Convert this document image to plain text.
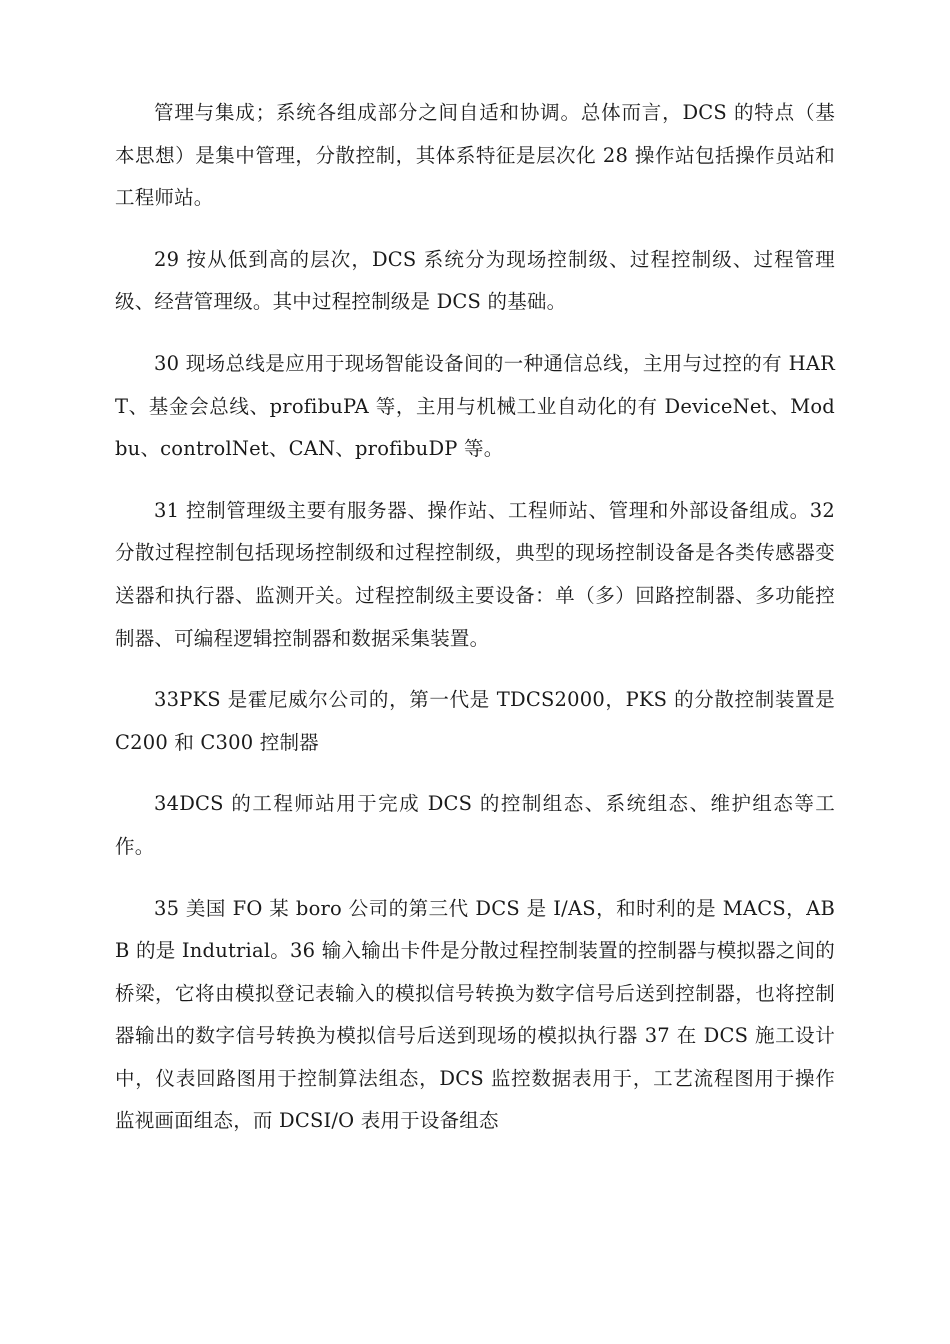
管理与集成；系统各组成部分之间自适和协调。总体而言，DCS 的特点（基本思想）是集中管理，分散控制，其体系特征是层次化 28 操作站包括操作员站和工程师站。

29 按从低到高的层次，DCS 系统分为现场控制级、过程控制级、过程管理级、经营管理级。其中过程控制级是 DCS 的基础。

30 现场总线是应用于现场智能设备间的一种通信总线，主用与过控的有 HART、基金会总线、profibuPA 等，主用与机械工业自动化的有 DeviceNet、Modbu、controlNet、CAN、profibuDP 等。

31 控制管理级主要有服务器、操作站、工程师站、管理和外部设备组成。32 分散过程控制包括现场控制级和过程控制级，典型的现场控制设备是各类传感器变送器和执行器、监测开关。过程控制级主要设备：单（多）回路控制器、多功能控制器、可编程逻辑控制器和数据采集装置。

33PKS 是霍尼威尔公司的，第一代是 TDCS2000，PKS 的分散控制装置是 C200 和 C300 控制器

34DCS 的工程师站用于完成 DCS 的控制组态、系统组态、维护组态等工作。

35 美国 FO 某 boro 公司的第三代 DCS 是 I/AS，和时利的是 MACS，ABB 的是 Indutrial。36 输入输出卡件是分散过程控制装置的控制器与模拟器之间的桥梁，它将由模拟登记表输入的模拟信号转换为数字信号后送到控制器，也将控制器输出的数字信号转换为模拟信号后送到现场的模拟执行器 37 在 DCS 施工设计中，仪表回路图用于控制算法组态，DCS 监控数据表用于，工艺流程图用于操作监视画面组态，而 DCSI/O 表用于设备组态
